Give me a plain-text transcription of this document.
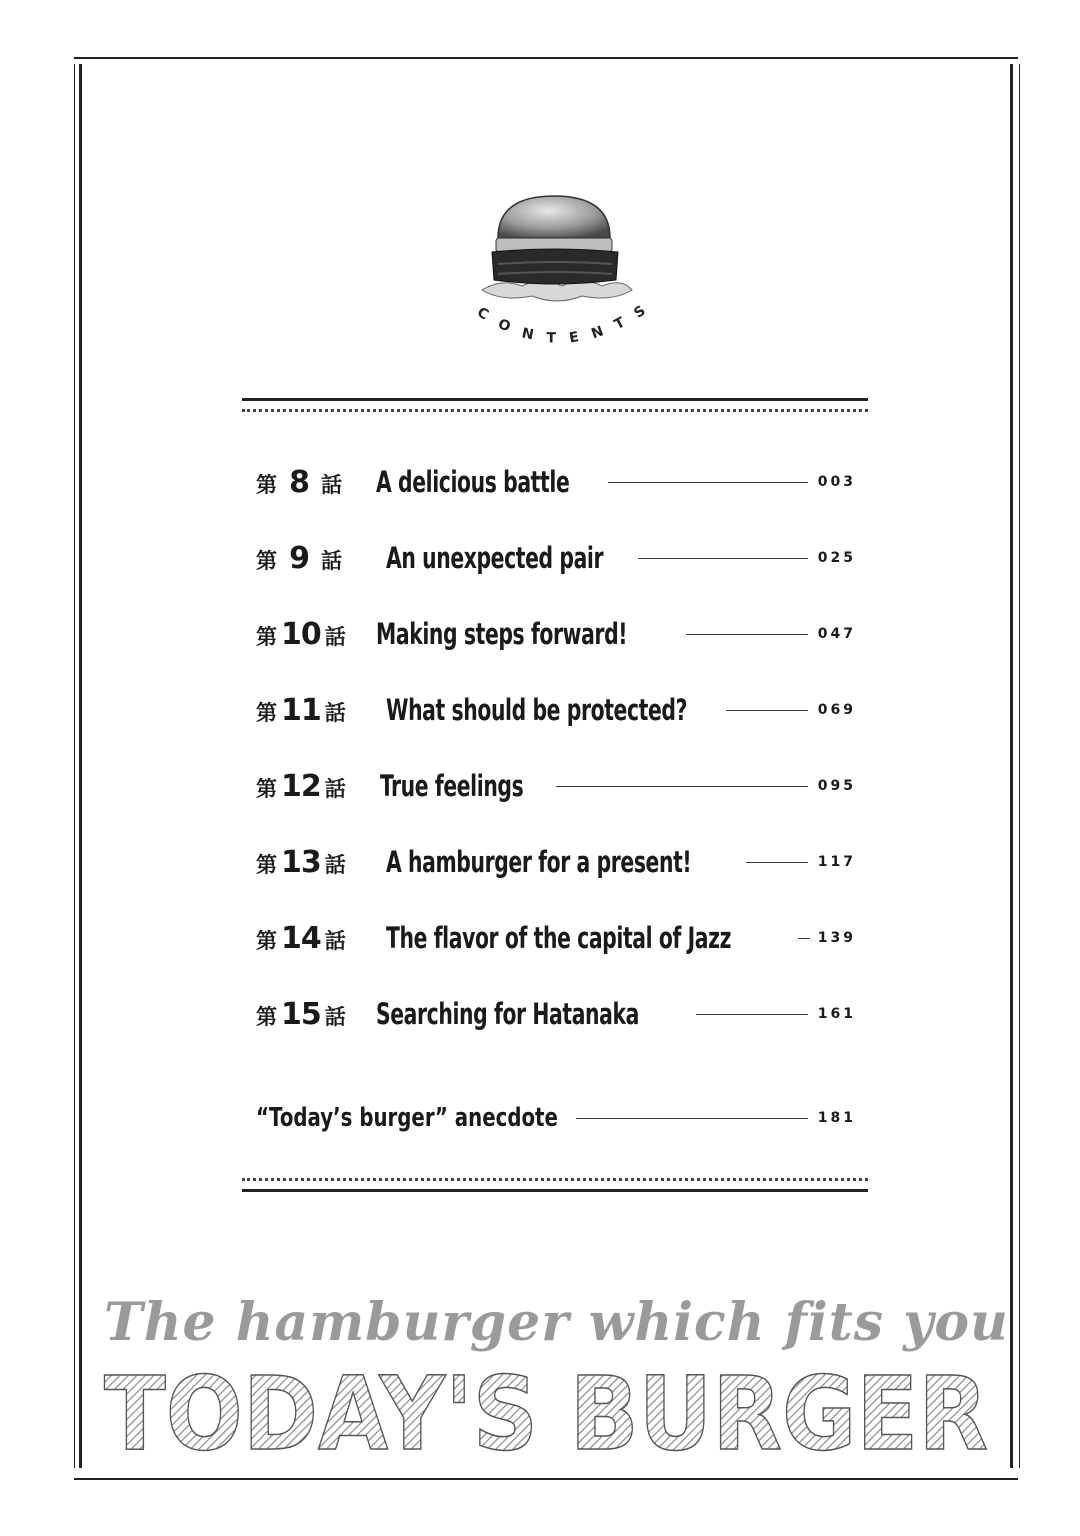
CONTENTS
第 8 話 A delicious battle	003
第 9 話 An unexpected pair	025
第 10 話 Making steps forward!	047
第 11 話 What should be protected?	069
第 12 話 True feelings	095
第 13 話 A hamburger for a present!	117
第 14 話 The flavor of the capital of Jazz	139
第 15 話 Searching for Hatanaka	161
“Today’s burger” anecdote	181
The hamburger which fits you
TODAY'S BURGER
